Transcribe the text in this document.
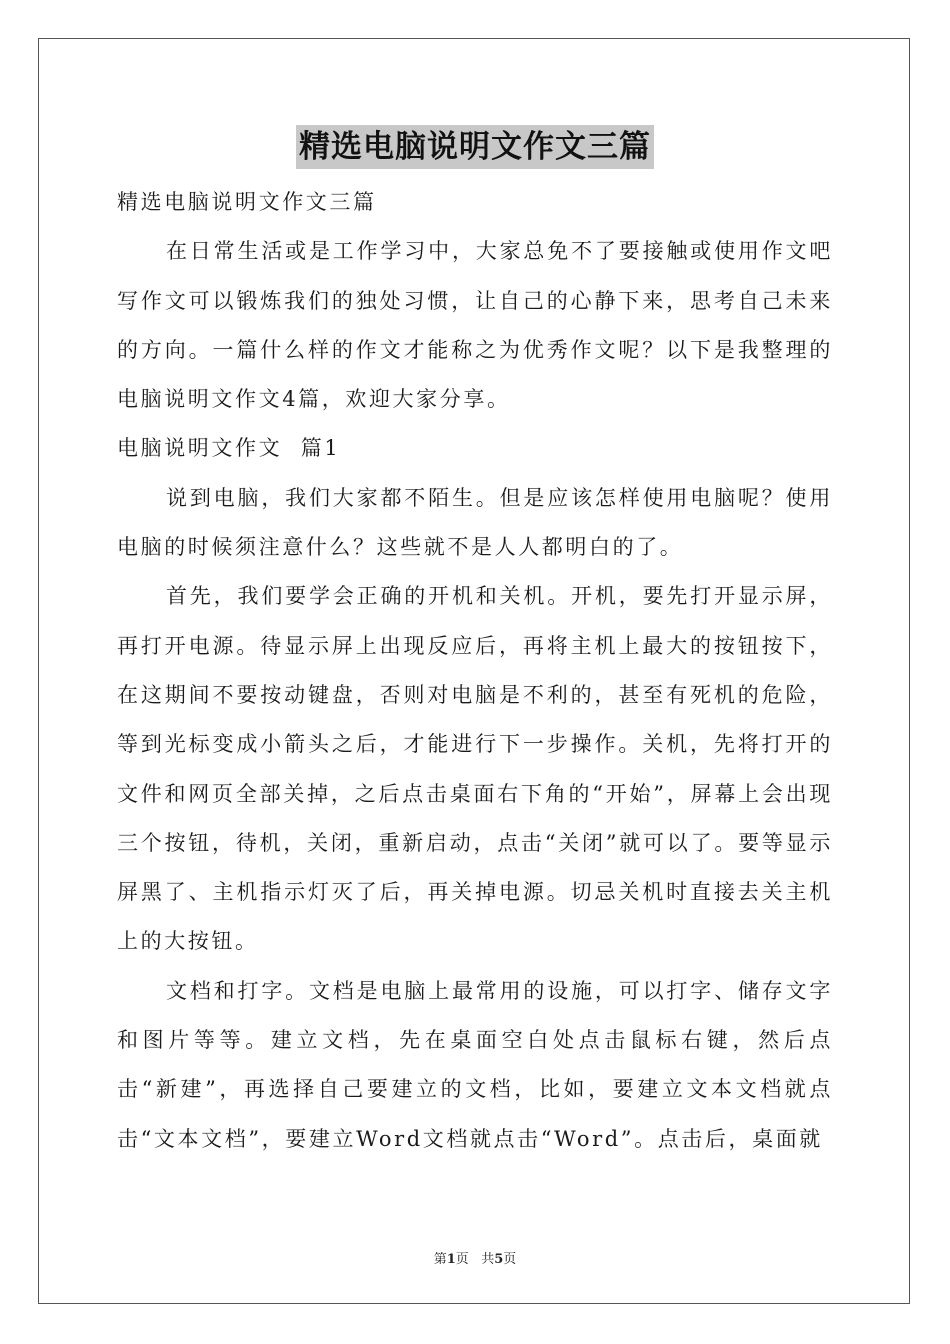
精选电脑说明文作文三篇

精选电脑说明文作文三篇

在日常生活或是工作学习中，大家总免不了要接触或使用作文吧写作文可以锻炼我们的独处习惯，让自己的心静下来，思考自己未来的方向。一篇什么样的作文才能称之为优秀作文呢？以下是我整理的电脑说明文作文4篇，欢迎大家分享。

电脑说明文作文  篇1

说到电脑，我们大家都不陌生。但是应该怎样使用电脑呢？使用电脑的时候须注意什么？这些就不是人人都明白的了。

首先，我们要学会正确的开机和关机。开机，要先打开显示屏，再打开电源。待显示屏上出现反应后，再将主机上最大的按钮按下，在这期间不要按动键盘，否则对电脑是不利的，甚至有死机的危险，等到光标变成小箭头之后，才能进行下一步操作。关机，先将打开的文件和网页全部关掉，之后点击桌面右下角的“开始”，屏幕上会出现三个按钮，待机，关闭，重新启动，点击“关闭”就可以了。要等显示屏黑了、主机指示灯灭了后，再关掉电源。切忌关机时直接去关主机上的大按钮。

文档和打字。文档是电脑上最常用的设施，可以打字、储存文字和图片等等。建立文档，先在桌面空白处点击鼠标右键，然后点击“新建”，再选择自己要建立的文档，比如，要建立文本文档就点击“文本文档”，要建立Word文档就点击“Word”。点击后，桌面就

第1页 共5页
